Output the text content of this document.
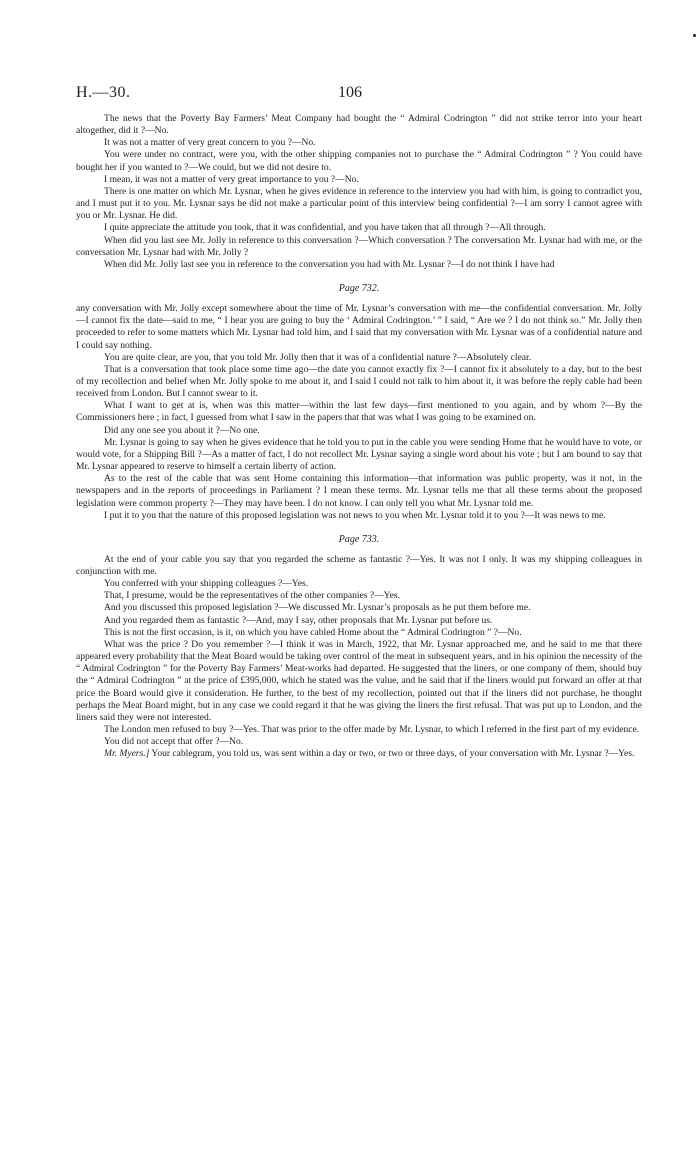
H.—30.	106

The news that the Poverty Bay Farmers’ Meat Company had bought the “ Admiral Codrington ” did not strike terror into your heart altogether, did it ?—No.

It was not a matter of very great concern to you ?—No.

You were under no contract, were you, with the other shipping companies not to purchase the “ Admiral Codrington ” ? You could have bought her if you wanted to ?—We could, but we did not desire to.

I mean, it was not a matter of very great importance to you ?—No.

There is one matter on which Mr. Lysnar, when he gives evidence in reference to the interview you had with him, is going to contradict you, and I must put it to you. Mr. Lysnar says he did not make a particular point of this interview being confidential ?—I am sorry I cannot agree with you or Mr. Lysnar. He did.

I quite appreciate the attitude you took, that it was confidential, and you have taken that all through ?—All through.

When did you last see Mr. Jolly in reference to this conversation ?—Which conversation ? The conversation Mr. Lysnar had with me, or the conversation Mr. Lysnar had with Mr. Jolly ?

When did Mr. Jolly last see you in reference to the conversation you had with Mr. Lysnar ?—I do not think I have had

Page 732.

any conversation with Mr. Jolly except somewhere about the time of Mr. Lysnar’s conversation with me—the confidential conversation. Mr. Jolly—I cannot fix the date—said to me, “ I hear you are going to buy the ‘ Admiral Codrington.’ ” I said, “ Are we ? I do not think so.” Mr. Jolly then proceeded to refer to some matters which Mr. Lysnar had told him, and I said that my conversation with Mr. Lysnar was of a confidential nature and I could say nothing.

You are quite clear, are you, that you told Mr. Jolly then that it was of a confidential nature ?—Absolutely clear.

That is a conversation that took place some time ago—the date you cannot exactly fix ?—I cannot fix it absolutely to a day, but to the best of my recollection and belief when Mr. Jolly spoke to me about it, and I said I could not talk to him about it, it was before the reply cable had been received from London. But I cannot swear to it.

What I want to get at is, when was this matter—within the last few days—first mentioned to you again, and by whom ?—By the Commissioners here ; in fact, I guessed from what I saw in the papers that that was what I was going to be examined on.

Did any one see you about it ?—No one.

Mr. Lysnar is going to say when he gives evidence that he told you to put in the cable you were sending Home that he would have to vote, or would vote, for a Shipping Bill ?—As a matter of fact, I do not recollect Mr. Lysnar saying a single word about his vote ; but I am bound to say that Mr. Lysnar appeared to reserve to himself a certain liberty of action.

As to the rest of the cable that was sent Home containing this information—that information was public property, was it not, in the newspapers and in the reports of proceedings in Parliament ? I mean these terms. Mr. Lysnar tells me that all these terms about the proposed legislation were common property ?—They may have been. I do not know. I can only tell you what Mr. Lysnar told me.

I put it to you that the nature of this proposed legislation was not news to you when Mr. Lysnar told it to you ?—It was news to me.

Page 733.

At the end of your cable you say that you regarded the scheme as fantastic ?—Yes. It was not I only. It was my shipping colleagues in conjunction with me.

You conferred with your shipping colleagues ?—Yes.

That, I presume, would be the representatives of the other companies ?—Yes.

And you discussed this proposed legislation ?—We discussed Mr. Lysnar’s proposals as he put them before me.

And you regarded them as fantastic ?—And, may I say, other proposals that Mr. Lysnar put before us.

This is not the first occasion, is it, on which you have cabled Home about the “ Admiral Codrington ” ?—No.

What was the price ? Do you remember ?—I think it was in March, 1922, that Mr. Lysnar approached me, and he said to me that there appeared every probability that the Meat Board would be taking over control of the meat in subsequent years, and in his opinion the necessity of the “ Admiral Codrington ” for the Poverty Bay Farmers’ Meat-works had departed. He suggested that the liners, or one company of them, should buy the “ Admiral Codrington ” at the price of £395,000, which he stated was the value, and he said that if the liners would put forward an offer at that price the Board would give it consideration. He further, to the best of my recollection, pointed out that if the liners did not purchase, he thought perhaps the Meat Board might, but in any case we could regard it that he was giving the liners the first refusal. That was put up to London, and the liners said they were not interested.

The London men refused to buy ?—Yes. That was prior to the offer made by Mr. Lysnar, to which I referred in the first part of my evidence.

You did not accept that offer ?—No.

Mr. Myers.] Your cablegram, you told us, was sent within a day or two, or two or three days, of your conversation with Mr. Lysnar ?—Yes.
